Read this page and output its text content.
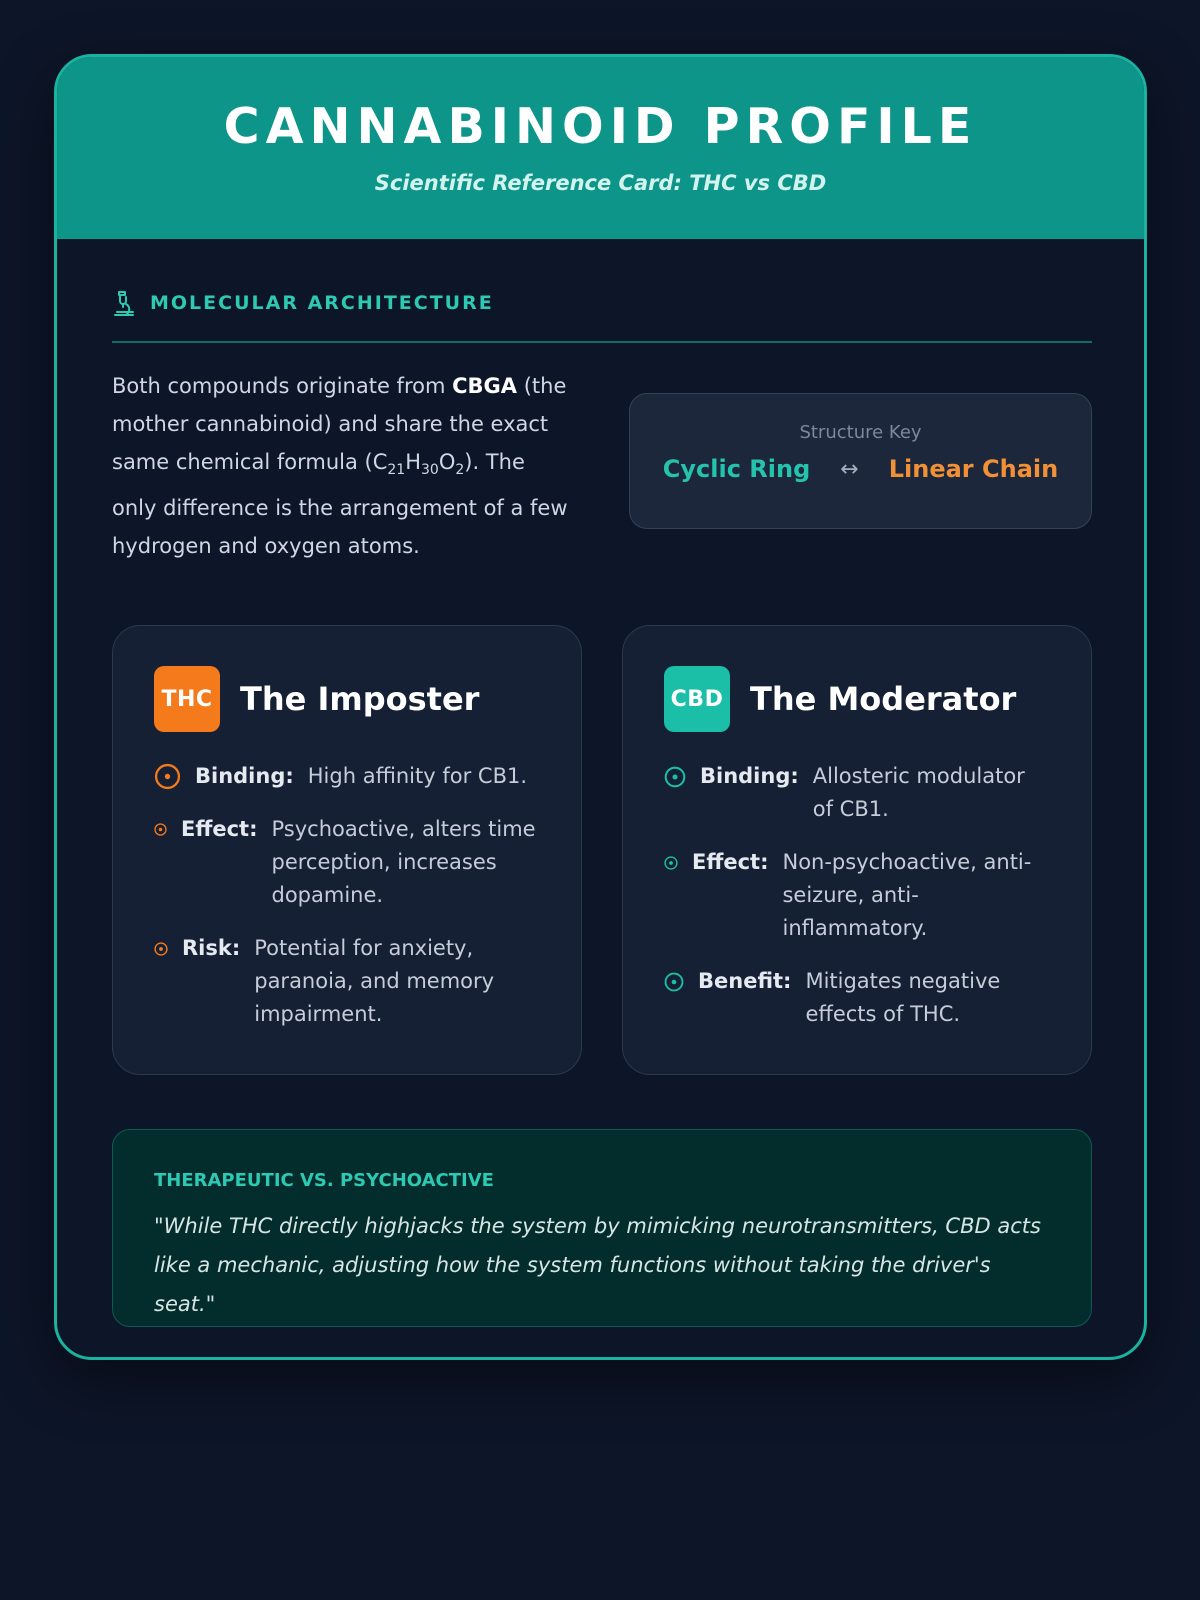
CANNABINOID PROFILE
Scientific Reference Card: THC vs CBD
MOLECULAR ARCHITECTURE

Both compounds originate from CBGA (the mother cannabinoid) and share the exact same chemical formula $(C_{21}H_{30}O_2)$. The only difference is the arrangement of a few hydrogen and oxygen atoms.

Structure Key
Cyclic Ring ↔ Linear Chain
THC The Imposter
Binding: High affinity for CB1.
Effect: Psychoactive, alters time perception, increases dopamine.
Risk: Potential for anxiety, paranoia, and memory impairment.
CBD The Moderator
Binding: Allosteric modulator of CB1.
Effect: Non-psychoactive, anti-seizure, anti-inflammatory.
Benefit: Mitigates negative effects of THC.
THERAPEUTIC VS. PSYCHOACTIVE
"While THC directly highjacks the system by mimicking neurotransmitters, CBD acts like a mechanic, adjusting how the system functions without taking the driver's seat."
